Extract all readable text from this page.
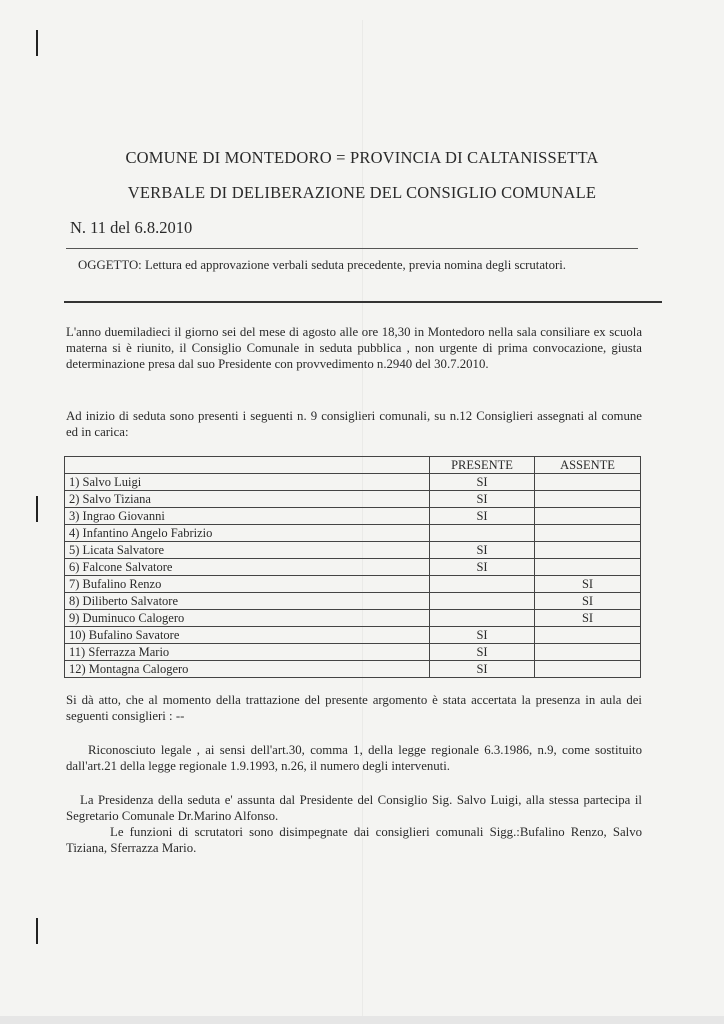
COMUNE DI MONTEDORO = PROVINCIA DI CALTANISSETTA
VERBALE DI DELIBERAZIONE DEL CONSIGLIO COMUNALE
N. 11 del 6.8.2010
OGGETTO: Lettura ed approvazione verbali seduta precedente, previa nomina degli scrutatori.
L'anno duemiladieci il giorno sei del mese di agosto alle ore 18,30 in Montedoro nella sala consiliare ex scuola materna si è riunito, il Consiglio Comunale in seduta pubblica , non urgente di prima convocazione, giusta determinazione presa dal suo Presidente con provvedimento n.2940 del 30.7.2010.
Ad inizio di seduta sono presenti i seguenti n. 9 consiglieri comunali, su n.12 Consiglieri assegnati al comune ed in carica:
	PRESENTE	ASSENTE
1) Salvo Luigi	SI	
2) Salvo Tiziana	SI	
3) Ingrao Giovanni	SI	
4) Infantino Angelo Fabrizio		
5) Licata Salvatore	SI	
6) Falcone Salvatore	SI	
7) Bufalino Renzo		SI
8) Diliberto Salvatore		SI
9) Duminuco Calogero		SI
10) Bufalino Savatore	SI	
11) Sferrazza Mario	SI	
12) Montagna Calogero	SI	
Si dà atto, che al momento della trattazione del presente argomento è stata accertata la presenza in aula dei seguenti consiglieri : --
Riconosciuto legale , ai sensi dell'art.30, comma 1, della legge regionale 6.3.1986, n.9, come sostituito dall'art.21 della legge regionale 1.9.1993, n.26, il numero degli intervenuti.
La Presidenza della seduta e' assunta dal Presidente del Consiglio Sig. Salvo Luigi, alla stessa partecipa il Segretario Comunale Dr.Marino Alfonso.
Le funzioni di scrutatori sono disimpegnate dai consiglieri comunali Sigg.:Bufalino Renzo, Salvo Tiziana, Sferrazza Mario.
